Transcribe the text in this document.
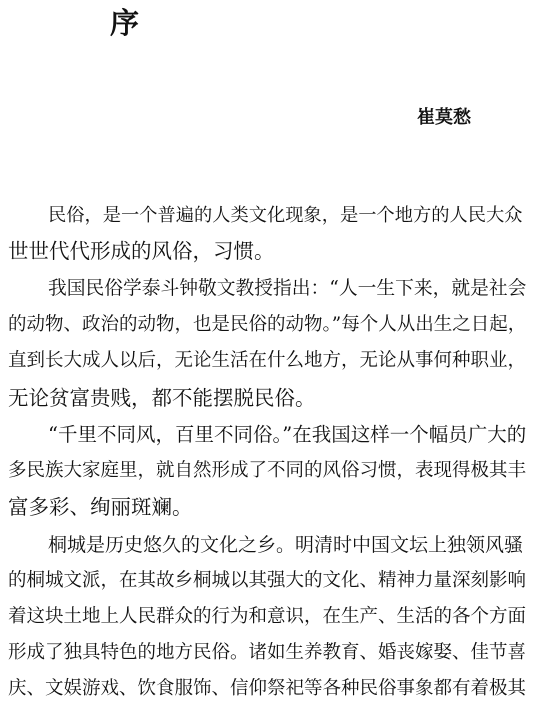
序

崔莫愁

民俗，是一个普遍的人类文化现象，是一个地方的人民大众
世世代代形成的风俗，习惯。
我国民俗学泰斗钟敬文教授指出：“人一生下来，就是社会
的动物、政治的动物，也是民俗的动物。”每个人从出生之日起，
直到长大成人以后，无论生活在什么地方，无论从事何种职业，
无论贫富贵贱，都不能摆脱民俗。
“千里不同风，百里不同俗。”在我国这样一个幅员广大的
多民族大家庭里，就自然形成了不同的风俗习惯，表现得极其丰
富多彩、绚丽斑斓。
桐城是历史悠久的文化之乡。明清时中国文坛上独领风骚
的桐城文派，在其故乡桐城以其强大的文化、精神力量深刻影响
着这块土地上人民群众的行为和意识，在生产、生活的各个方面
形成了独具特色的地方民俗。诸如生养教育、婚丧嫁娶、佳节喜
庆、文娱游戏、饮食服饰、信仰祭祀等各种民俗事象都有着极其
